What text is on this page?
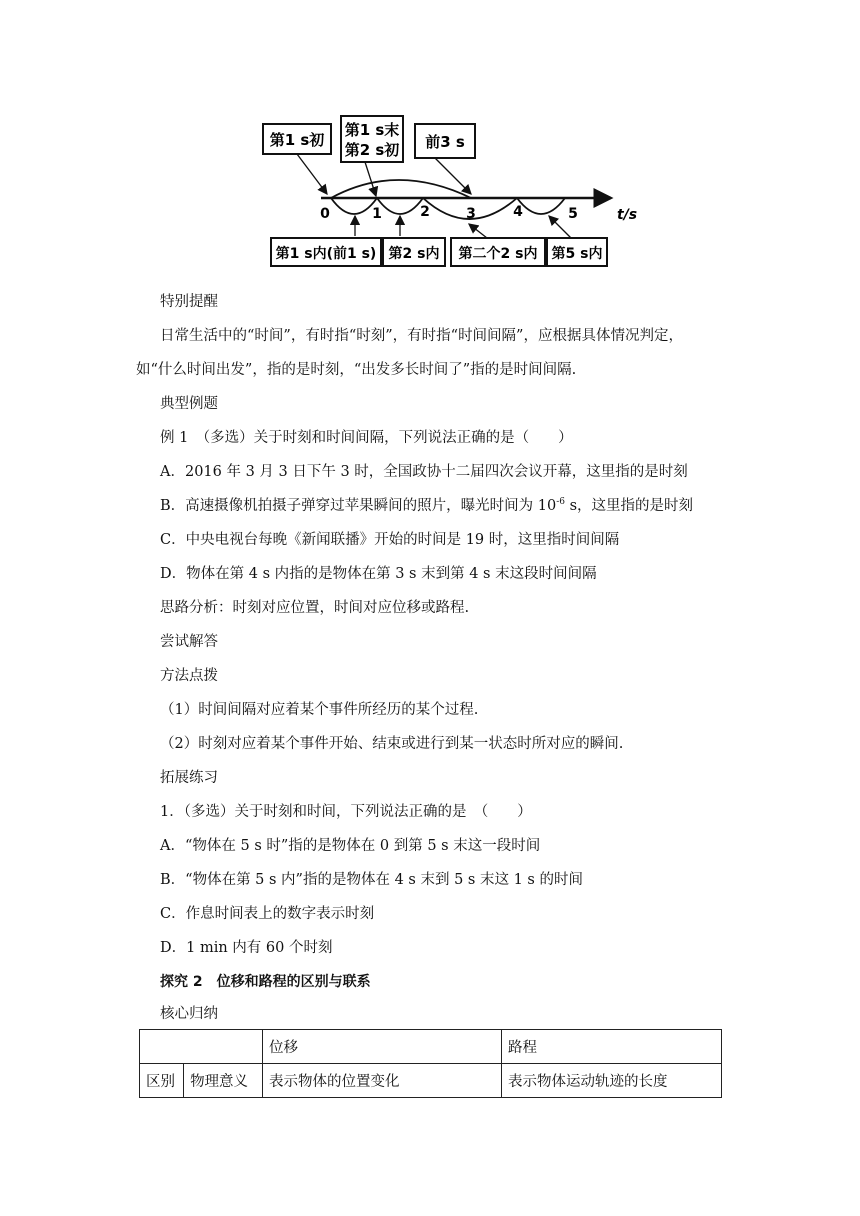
第1 s初
第1 s末
第2 s初 前3 s
0	1	2	3	4	5	t/s
第1 s内(前1 s) 第2 s内 第二个2 s内 第5 s内
特别提醒
日常生活中的“时间”，有时指“时刻”，有时指“时间间隔”，应根据具体情况判定，
如“什么时间出发”，指的是时刻，“出发多长时间了”指的是时间间隔.
典型例题
例 1　（多选）关于时刻和时间间隔，下列说法正确的是（　　）
A．2016 年 3 月 3 日下午 3 时，全国政协十二届四次会议开幕，这里指的是时刻
B．高速摄像机拍摄子弹穿过苹果瞬间的照片，曝光时间为 $10^{-6}$ s，这里指的是时刻
C．中央电视台每晚《新闻联播》开始的时间是 19 时，这里指时间间隔
D．物体在第 4 s 内指的是物体在第 3 s 末到第 4 s 末这段时间间隔
思路分析：时刻对应位置，时间对应位移或路程.
尝试解答
方法点拨
（1）时间间隔对应着某个事件所经历的某个过程.
（2）时刻对应着某个事件开始、结束或进行到某一状态时所对应的瞬间.
拓展练习
1．（多选）关于时刻和时间，下列说法正确的是　（　　）
A．“物体在 5 s 时”指的是物体在 0 到第 5 s 末这一段时间
B．“物体在第 5 s 内”指的是物体在 4 s 末到 5 s 末这 1 s 的时间
C．作息时间表上的数字表示时刻
D．1 min 内有 60 个时刻
探究 2　位移和路程的区别与联系
核心归纳
		位移	路程
区别	物理意义	表示物体的位置变化	表示物体运动轨迹的长度
